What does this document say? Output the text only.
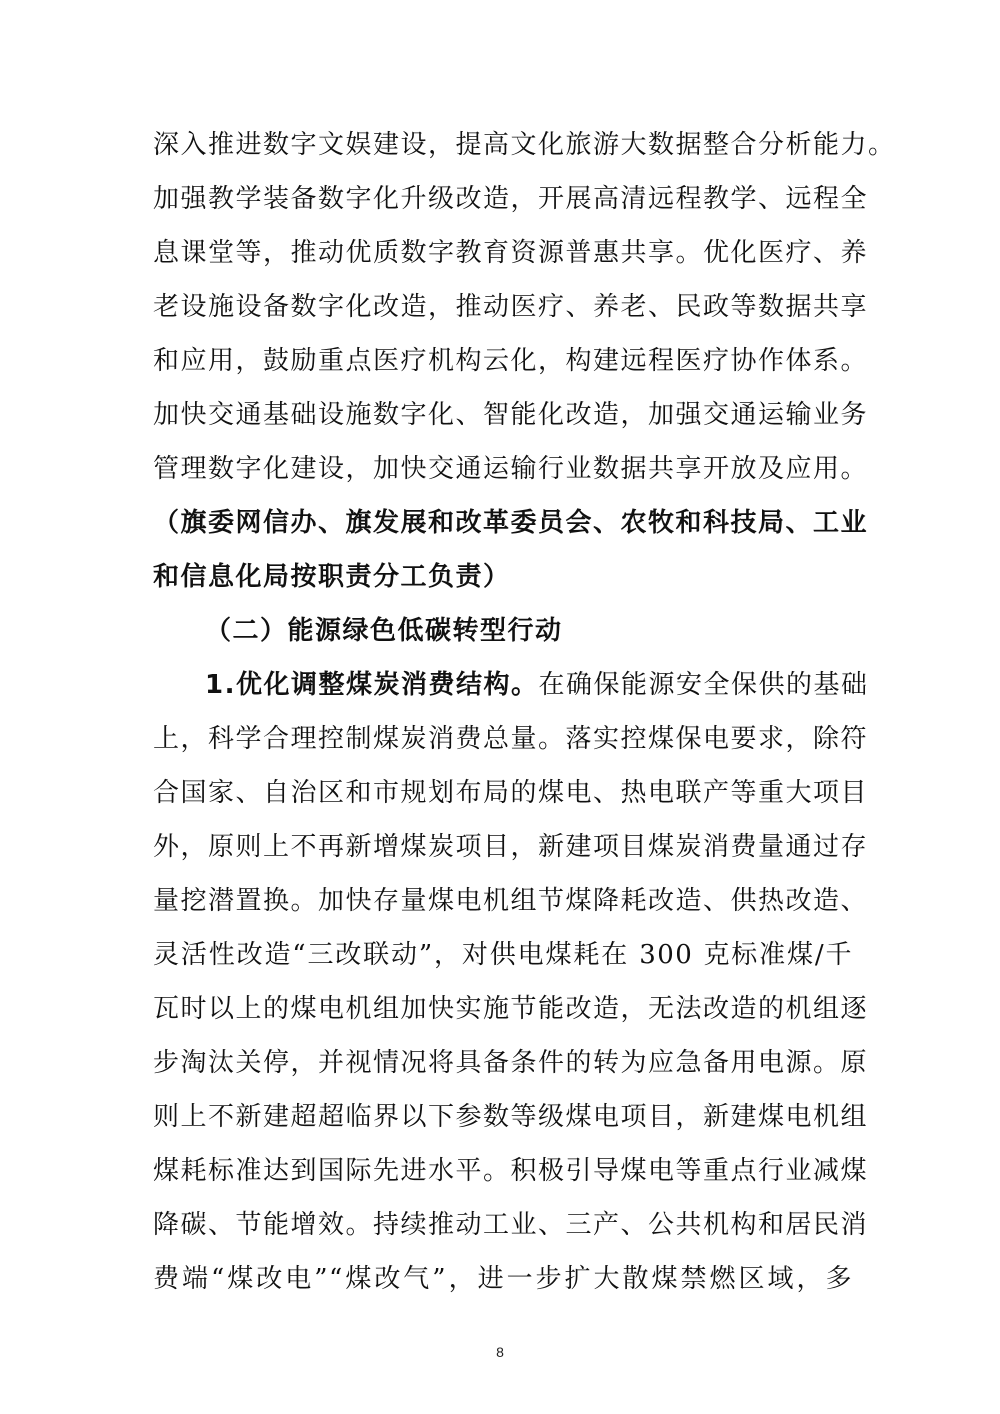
深入推进数字文娱建设，提高文化旅游大数据整合分析能力。
加强教学装备数字化升级改造，开展高清远程教学、远程全
息课堂等，推动优质数字教育资源普惠共享。优化医疗、养
老设施设备数字化改造，推动医疗、养老、民政等数据共享
和应用，鼓励重点医疗机构云化，构建远程医疗协作体系。
加快交通基础设施数字化、智能化改造，加强交通运输业务
管理数字化建设，加快交通运输行业数据共享开放及应用。
（旗委网信办、旗发展和改革委员会、农牧和科技局、工业
和信息化局按职责分工负责）
（二）能源绿色低碳转型行动
1.优化调整煤炭消费结构。在确保能源安全保供的基础
上，科学合理控制煤炭消费总量。落实控煤保电要求，除符
合国家、自治区和市规划布局的煤电、热电联产等重大项目
外，原则上不再新增煤炭项目，新建项目煤炭消费量通过存
量挖潜置换。加快存量煤电机组节煤降耗改造、供热改造、
灵活性改造“三改联动”，对供电煤耗在 300 克标准煤/千
瓦时以上的煤电机组加快实施节能改造，无法改造的机组逐
步淘汰关停，并视情况将具备条件的转为应急备用电源。原
则上不新建超超临界以下参数等级煤电项目，新建煤电机组
煤耗标准达到国际先进水平。积极引导煤电等重点行业减煤
降碳、节能增效。持续推动工业、三产、公共机构和居民消
费端“煤改电”“煤改气”，进一步扩大散煤禁燃区域，多
8
